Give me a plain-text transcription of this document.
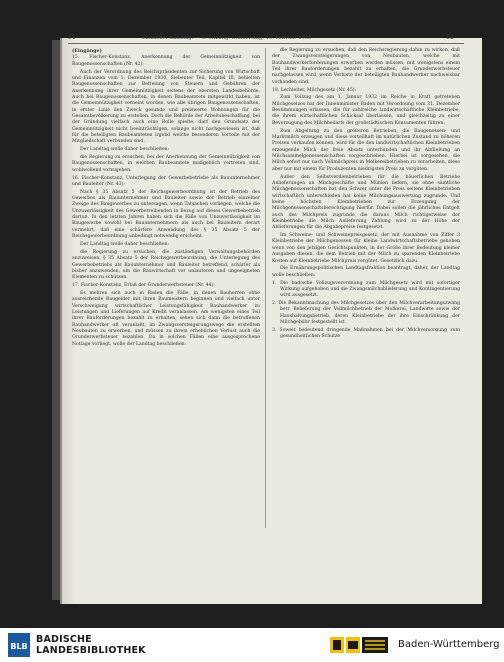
51	Badischer Landtag. — 8. Sitzung. Donnerstag, 10. Februar 1938	52

(Eingänge)

15. Fischer-Konstanz, Anerkennung der Gemeinnützigkeit von Baugenossenschaften (Nr. 42):

Auch der Verordnung des Reichspräsidenten zur Sicherung von Wirtschaft und Finanzen vom 1. Dezember 1930, Siebenter Teil, Kapitel III, behielten Baugenossenschaften zur Befreiung von Steuern und Gebühren der Anerkennung ihrer Gemeinnützigkeit seitens der obersten Landesbehörde. Auch bei Baugenossenschaften, in denen Baubeamtete mitgewirkt haben, ist die Gemeinnützigkeit verneint worden, wie alle übrigen Baugenossenschaften, in erster Linie den Zweck gesunde und preiswerte Wohnungen für die Gesamtbevölkerung zu erstellen. Doch die Behörde der Arbeitsbeschaffung, bei der Gründung vielfach auch eine Rolle spielte, darf den Grundsatz der Gemeinnützigkeit nicht beeinträchtigen, solange nicht nachgewiesen ist, daß für die beteiligten Baubeamteten irgend welche besonderen Vorteile mit der Mitgliedschaft verbunden sind.

Der Landtag wolle daher beschließen:

die Regierung zu ersuchen, bei der Anerkennung der Gemeinnützigkeit von Baugenossenschaften, in welchen Baubeamtete maßgeblich vertreten sind, wohlwollend vorzugehen.

16. Fischer-Konstanz, Unterlegung der Gewerbebetriebe als Bauunternehmer und Bauleiter (Nr. 43):

Nach § 35 Absatz 5 der Reichsgewerbeordnung ist der Betrieb des Gewerbes als Bauunternehmer und Bauleiter sowie der Betrieb einzelner Zweige des Baugewerbes zu untersagen, wenn Tatsachen vorliegen, welche die Unzuverlässigkeit des Gewerbetreibenden in Bezug auf dieses Gewerbebetrieb dartun. In den letzten Jahren haben sich die Fälle von Unzuverlässigkeit im Baugewerbe sowohl bei Bauunternehmern als auch bei Bauleitern derart vermehrt, daß eine schärfere Anwendung des § 35 Absatz 5 der Reichsgewerbeordnung unbedingt notwendig erscheint.

Der Landtag wolle daher beschließen:

die Regierung zu ersuchen, die zuständigen Verwaltungsbehörden anzuweisen, § 35 Absatz 5 der Reichsgewerbeordnung, die Unterlegung des Gewerbebetriebs als Bauunternehmer und Bauleiter betreffend, schärfer als bisher anzuwenden, um die Bauwirtschaft vor unlauteren und ungeeigneten Elementen zu schützen.

17. Fischer-Konstanz, Erlaß der Grunderwerbsteuer (Nr. 44):

Es mehren sich auch in Baden die Fälle, in denen Bauherren ohne ausreichende Baugelder mit ihren Baumeistern beginnen und vielfach unter Verschweigung wirtschaftlicher Leistungsfähigkeit Bauhandwerker zu Leistungen und Lieferungen auf Kredit veranlassen. Am wenigsten eines Teil ihrer Bauforderungen bezahlt zu erhalten, sehen sich dann die betroffenen Bauhandwerker oft veranlaßt, im Zwangsversteigerungswege die erstellten Neubauten zu erwerben, und müssen zu ihrem erheblichen Verlust auch die Grunderwerbsteuer bezahlen. Da in solchen Fällen eine ausgesprochene Notlage vorliegt, wolle der Landtag beschließen:

die Regierung zu ersuchen, daß den Reichsregierung dahin zu wirken, daß der Zwangsversteigerungen von Neubauten, welche mit Bauhandwerkerforderungen erworben werden müssen, mit wenigstens einem Teil ihrer Bauforderungen bezahlt zu erhalten, die Grunderwerbsteuer nachgelassen wird, wenn Verluste der beteiligten Bauhandwerker nachweisbar vorhanden sind.

18. Lechleiter, Milchgesetz (Nr. 45):

Zum Vollzug des am 1. Januar 1932 im Reiche in Kraft getretenen Milchgesetzes hat der Innenminister Baden mit Verordnung vom 31. Dezember Bestimmungen erlassen, die für zahlreiche landwirtschaftliche Kleinbetriebe, die ihrem wirtschaftlichen Schicksal überlassen, und gleichzeitig zu einer Bevorzugung des Milchbedarfs der großstädtischen Konsumenten führen.

Zum Abgeltung zu den größeren Betrieben, die Baugenossen- und Marktmilch erzeugen und diese vorteilhaft im natürlichen Zustand zu höheren Preisen verkaufen können, wird für die den landwirtschaftlichen Kleinbetrieben erzeugende Milch der freie Absatz unterbunden und ihr Abfließung an Milchsammelgenossenschaften vorgeschrieben. Hierbei ist vorgesehen, die Milch sofort nur nach Vollmilchpreis in Molkereibetrieben zu verarbeiten, diese aber nur mit einem für Produzenten niedrigsten Preis zu vergüten.

Außer den Selbstverdienbetrieben für die bäuerlichen Betriebe Anlieferungen an Milchgeschäfte und Mühlen liefern, sie ohne sämtliche Milchgenossenschaften hat den Schwer unter die Preis seitens Kleinbetrieben wirtschaftlich unterschieden hat keine Milchungsauswertung zugrunde. Und keine höchsten Kleinbetrieben zur Erzeugung der Milchgenossenschaftsberechtigung hierfür. Dabei sollen die jährliches Entgelt auch des Milchpreis zugrunde die daraus Milch richtigerweise der Kleinbetriebe die Milch Anlieferung Zahlung wird zu der Höhe der Ablieferungen für die Abgabepreise festgesetzt.

Im Schweine- und Schweinepreisgesetz, der mit Ausnahme von Ziffer 3 Kleinbetriebe der Milchgenossen für kleine Landwirtschaftsbetriebe gehoben wenn von den jetzigen Gesichtspunkten, in der Größe ihrer Bedeutung kleiner Ausgaben diesen, die dem Betrieb mit der Milch zu sparenden Kleinbetriebe Kosten auf Kleinbetriebe Milchpreis vergütet. Gesetzlich dazu.

Die Ernährungspolitischen Landtagsfraktion beantragt, daher, der Landtag wolle beschließen:

1. Die badische Vollzugsverordnung zum Milchgesetz wird mit sofortiger Wirkung aufgehoben und die Zwangsmilchablieferung und Kontingentierung wird ausgesetzt.

2. Die Bekanntmachung des Milchgesetzes über den Milchverarbeitungszwang betr. Belieferung der Vollmilchbetrieb der Molkerei, Landwirte sowie der Haushaltungsbetrieb, deren Kleinbetriebe der ihre Einschränkung der Milchgebühr festgestellt ist.

3. Soweit bedeutend dringende Maßnahmen bei der Milchversorgung zum gesundheitlichen Schutze

BLB
BADISCHE
LANDESBIBLIOTHEK
Baden-Württemberg
